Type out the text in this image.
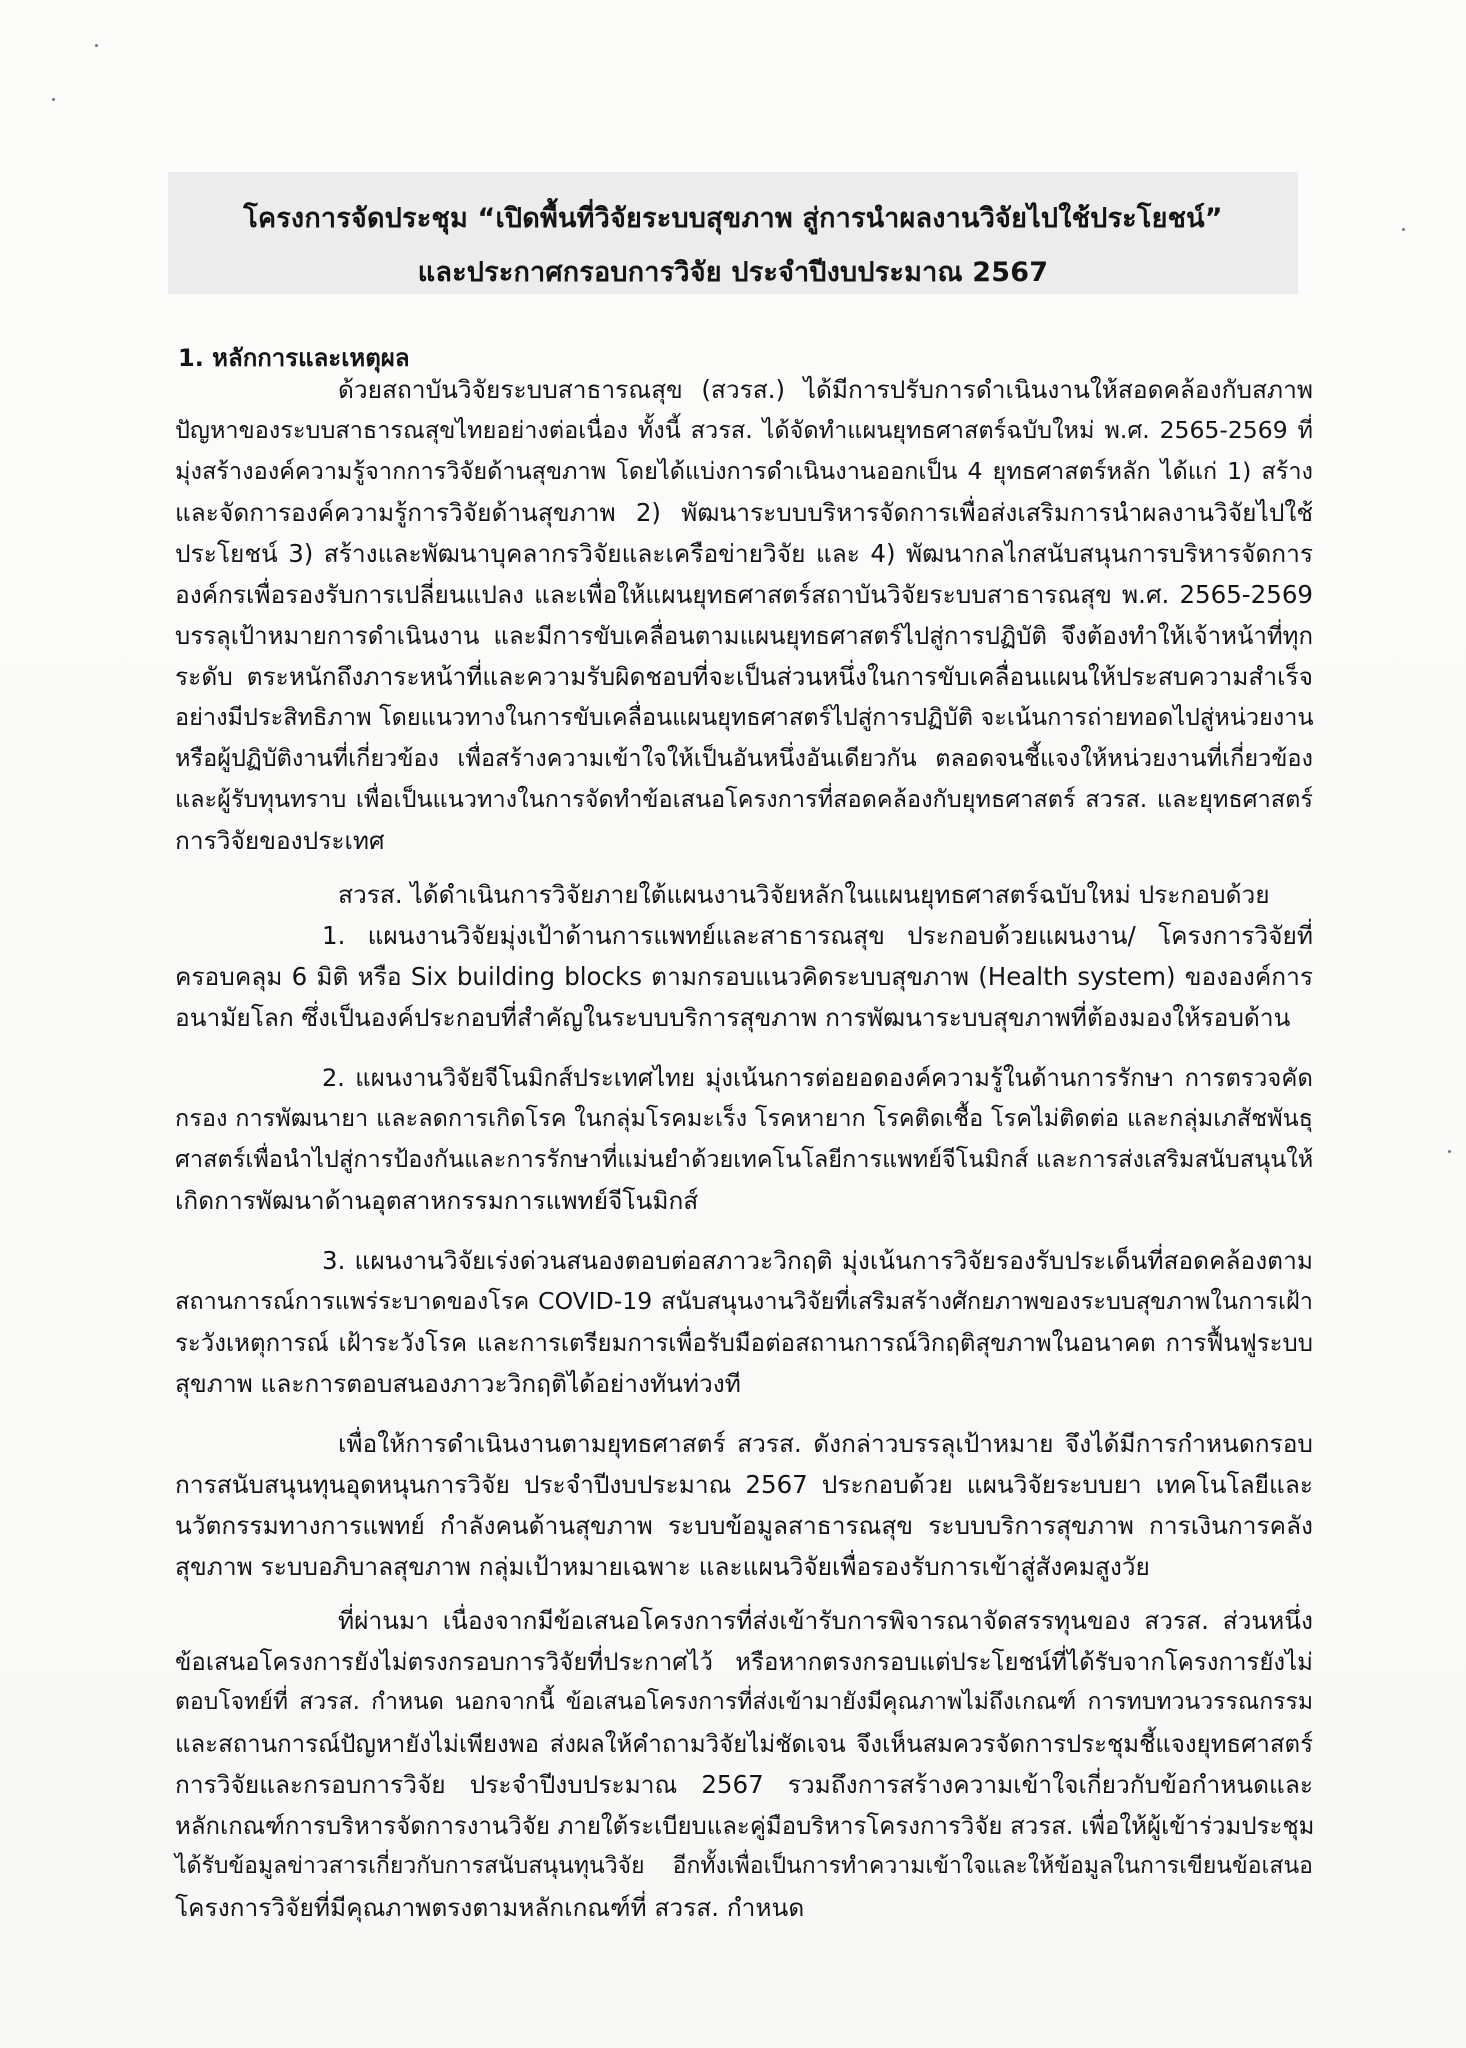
โครงการจัดประชุม “เปิดพื้นที่วิจัยระบบสุขภาพ สู่การนำผลงานวิจัยไปใช้ประโยชน์”
และประกาศกรอบการวิจัย ประจำปีงบประมาณ 2567
1. หลักการและเหตุผล
ด้วยสถาบันวิจัยระบบสาธารณสุข (สวรส.) ได้มีการปรับการดำเนินงานให้สอดคล้องกับสภาพ
ปัญหาของระบบสาธารณสุขไทยอย่างต่อเนื่อง ทั้งนี้ สวรส. ได้จัดทำแผนยุทธศาสตร์ฉบับใหม่ พ.ศ. 2565-2569 ที่
มุ่งสร้างองค์ความรู้จากการวิจัยด้านสุขภาพ โดยได้แบ่งการดำเนินงานออกเป็น 4 ยุทธศาสตร์หลัก ได้แก่ 1) สร้าง
และจัดการองค์ความรู้การวิจัยด้านสุขภาพ 2) พัฒนาระบบบริหารจัดการเพื่อส่งเสริมการนำผลงานวิจัยไปใช้
ประโยชน์ 3) สร้างและพัฒนาบุคลากรวิจัยและเครือข่ายวิจัย และ 4) พัฒนากลไกสนับสนุนการบริหารจัดการ
องค์กรเพื่อรองรับการเปลี่ยนแปลง และเพื่อให้แผนยุทธศาสตร์สถาบันวิจัยระบบสาธารณสุข พ.ศ. 2565-2569
บรรลุเป้าหมายการดำเนินงาน และมีการขับเคลื่อนตามแผนยุทธศาสตร์ไปสู่การปฏิบัติ จึงต้องทำให้เจ้าหน้าที่ทุก
ระดับ ตระหนักถึงภาระหน้าที่และความรับผิดชอบที่จะเป็นส่วนหนึ่งในการขับเคลื่อนแผนให้ประสบความสำเร็จ
อย่างมีประสิทธิภาพ โดยแนวทางในการขับเคลื่อนแผนยุทธศาสตร์ไปสู่การปฏิบัติ จะเน้นการถ่ายทอดไปสู่หน่วยงาน
หรือผู้ปฏิบัติงานที่เกี่ยวข้อง เพื่อสร้างความเข้าใจให้เป็นอันหนึ่งอันเดียวกัน ตลอดจนชี้แจงให้หน่วยงานที่เกี่ยวข้อง
และผู้รับทุนทราบ เพื่อเป็นแนวทางในการจัดทำข้อเสนอโครงการที่สอดคล้องกับยุทธศาสตร์ สวรส. และยุทธศาสตร์
การวิจัยของประเทศ
สวรส. ได้ดำเนินการวิจัยภายใต้แผนงานวิจัยหลักในแผนยุทธศาสตร์ฉบับใหม่ ประกอบด้วย
1. แผนงานวิจัยมุ่งเป้าด้านการแพทย์และสาธารณสุข ประกอบด้วยแผนงาน/ โครงการวิจัยที่
ครอบคลุม 6 มิติ หรือ Six building blocks ตามกรอบแนวคิดระบบสุขภาพ (Health system) ขององค์การ
อนามัยโลก ซึ่งเป็นองค์ประกอบที่สำคัญในระบบบริการสุขภาพ การพัฒนาระบบสุขภาพที่ต้องมองให้รอบด้าน
2. แผนงานวิจัยจีโนมิกส์ประเทศไทย มุ่งเน้นการต่อยอดองค์ความรู้ในด้านการรักษา การตรวจคัด
กรอง การพัฒนายา และลดการเกิดโรค ในกลุ่มโรคมะเร็ง โรคหายาก โรคติดเชื้อ โรคไม่ติดต่อ และกลุ่มเภสัชพันธุ
ศาสตร์เพื่อนำไปสู่การป้องกันและการรักษาที่แม่นยำด้วยเทคโนโลยีการแพทย์จีโนมิกส์ และการส่งเสริมสนับสนุนให้
เกิดการพัฒนาด้านอุตสาหกรรมการแพทย์จีโนมิกส์
3. แผนงานวิจัยเร่งด่วนสนองตอบต่อสภาวะวิกฤติ มุ่งเน้นการวิจัยรองรับประเด็นที่สอดคล้องตาม
สถานการณ์การแพร่ระบาดของโรค COVID-19 สนับสนุนงานวิจัยที่เสริมสร้างศักยภาพของระบบสุขภาพในการเฝ้า
ระวังเหตุการณ์ เฝ้าระวังโรค และการเตรียมการเพื่อรับมือต่อสถานการณ์วิกฤติสุขภาพในอนาคต การฟื้นฟูระบบ
สุขภาพ และการตอบสนองภาวะวิกฤติได้อย่างทันท่วงที
เพื่อให้การดำเนินงานตามยุทธศาสตร์ สวรส. ดังกล่าวบรรลุเป้าหมาย จึงได้มีการกำหนดกรอบ
การสนับสนุนทุนอุดหนุนการวิจัย ประจำปีงบประมาณ 2567 ประกอบด้วย แผนวิจัยระบบยา เทคโนโลยีและ
นวัตกรรมทางการแพทย์ กำลังคนด้านสุขภาพ ระบบข้อมูลสาธารณสุข ระบบบริการสุขภาพ การเงินการคลัง
สุขภาพ ระบบอภิบาลสุขภาพ กลุ่มเป้าหมายเฉพาะ และแผนวิจัยเพื่อรองรับการเข้าสู่สังคมสูงวัย
ที่ผ่านมา เนื่องจากมีข้อเสนอโครงการที่ส่งเข้ารับการพิจารณาจัดสรรทุนของ สวรส. ส่วนหนึ่ง
ข้อเสนอโครงการยังไม่ตรงกรอบการวิจัยที่ประกาศไว้ หรือหากตรงกรอบแต่ประโยชน์ที่ได้รับจากโครงการยังไม่
ตอบโจทย์ที่ สวรส. กำหนด นอกจากนี้ ข้อเสนอโครงการที่ส่งเข้ามายังมีคุณภาพไม่ถึงเกณฑ์ การทบทวนวรรณกรรม
และสถานการณ์ปัญหายังไม่เพียงพอ ส่งผลให้คำถามวิจัยไม่ชัดเจน จึงเห็นสมควรจัดการประชุมชี้แจงยุทธศาสตร์
การวิจัยและกรอบการวิจัย ประจำปีงบประมาณ 2567 รวมถึงการสร้างความเข้าใจเกี่ยวกับข้อกำหนดและ
หลักเกณฑ์การบริหารจัดการงานวิจัย ภายใต้ระเบียบและคู่มือบริหารโครงการวิจัย สวรส. เพื่อให้ผู้เข้าร่วมประชุม
ได้รับข้อมูลข่าวสารเกี่ยวกับการสนับสนุนทุนวิจัย อีกทั้งเพื่อเป็นการทำความเข้าใจและให้ข้อมูลในการเขียนข้อเสนอ
โครงการวิจัยที่มีคุณภาพตรงตามหลักเกณฑ์ที่ สวรส. กำหนด
